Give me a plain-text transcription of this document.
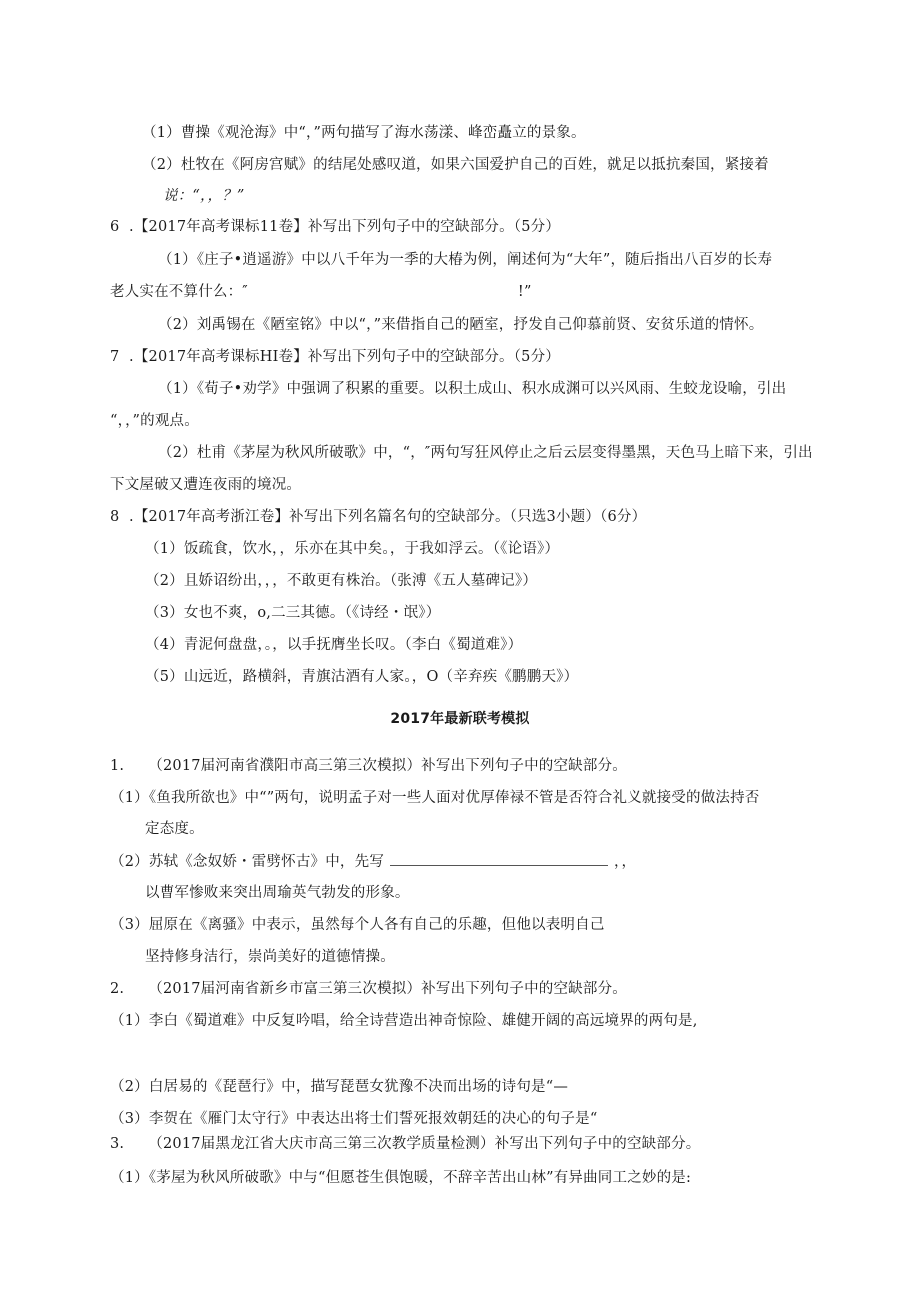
（1）曹操《观沧海》中“，”两句描写了海水荡漾、峰峦矗立的景象。
（2）杜牧在《阿房宫赋》的结尾处感叹道，如果六国爱护自己的百姓，就足以抵抗秦国，紧接着
说：“，，？”
6  .【2017年高考课标11卷】补写出下列句子中的空缺部分。（5分）
（1）《庄子•逍遥游》中以八千年为一季的大椿为例，阐述何为“大年”，随后指出八百岁的长寿
老人实在不算什么：″	!”
（2）刘禹锡在《陋室铭》中以“，”来借指自己的陋室，抒发自己仰慕前贤、安贫乐道的情怀。
7  .【2017年高考课标HI卷】补写出下列句子中的空缺部分。（5分）
（1）《荀子•劝学》中强调了积累的重要。以积土成山、积水成渊可以兴风雨、生蛟龙设喻，引出
“，，”的观点。
（2）杜甫《茅屋为秋风所破歌》中，“，″两句写狂风停止之后云层变得墨黑，天色马上暗下来，引出
下文屋破又遭连夜雨的境况。
8  .【2017年高考浙江卷】补写出下列名篇名句的空缺部分。（只选3小题）（6分）
（1）饭疏食，饮水，，乐亦在其中矣。，于我如浮云。（《论语》）
（2）且娇诏纷出，，，不敢更有株治。（张溥《五人墓碑记》）
（3）女也不爽，o,二三其德。（《诗经・氓》）
（4）青泥何盘盘，。，以手抚膺坐长叹。（李白《蜀道难》）
（5）山远近，路横斜，青旗沽酒有人家。，O（辛弃疾《鹏鹏天》）
2017年最新联考模拟
1.     （2017届河南省濮阳市高三第三次模拟）补写出下列句子中的空缺部分。
（1）《鱼我所欲也》中“”两句，说明孟子对一些人面对优厚俸禄不管是否符合礼义就接受的做法持否
定态度。
（2）苏轼《念奴娇・雷劈怀古》中，先写	，，
以曹军惨败来突出周瑜英气勃发的形象。
（3）屈原在《离骚》中表示，虽然每个人各有自己的乐趣，但他以表明自己
坚持修身洁行，崇尚美好的道德情操。
2.     （2017届河南省新乡市富三第三次模拟）补写出下列句子中的空缺部分。
（1）李白《蜀道难》中反复吟唱，给全诗营造出神奇惊险、雄健开阔的高远境界的两句是,
（2）白居易的《琵琶行》中，描写琵琶女犹豫不决而出场的诗句是“—
（3）李贺在《雁门太守行》中表达出将士们誓死报效朝廷的决心的句子是“
3.     （2017届黑龙江省大庆市高三第三次教学质量检测）补写出下列句子中的空缺部分。
（1）《茅屋为秋风所破歌》中与“但愿苍生俱饱暖，不辞辛苦出山林”有异曲同工之妙的是:
